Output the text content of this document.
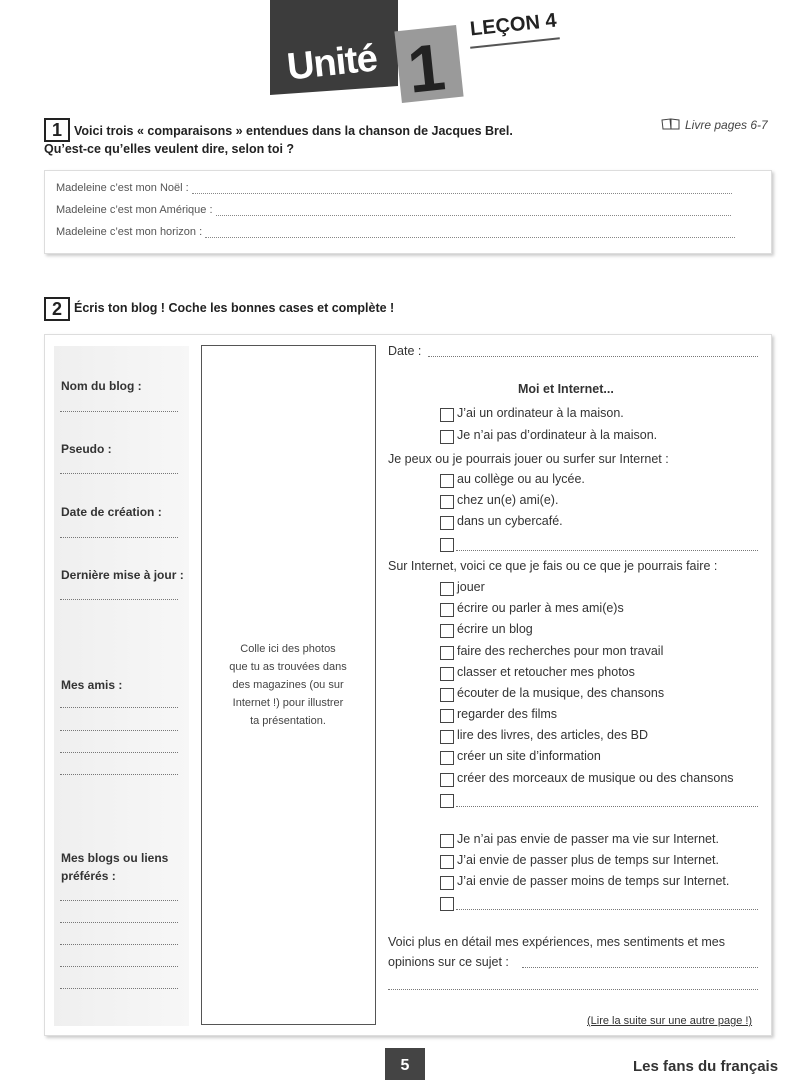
Unité 1
LEÇON 4
1 Voici trois « comparaisons » entendues dans la chanson de Jacques Brel.
Qu’est-ce qu’elles veulent dire, selon toi ?
Livre pages 6-7
Madeleine c’est mon Noël :
Madeleine c’est mon Amérique :
Madeleine c’est mon horizon :
2 Écris ton blog ! Coche les bonnes cases et complète !
Nom du blog :
Pseudo :
Date de création :
Dernière mise à jour :
Mes amis :
Mes blogs ou liens
préférés :
Colle ici des photos
que tu as trouvées dans
des magazines (ou sur
Internet !) pour illustrer
ta présentation.
Date :
Moi et Internet...
J’ai un ordinateur à la maison.
Je n’ai pas d’ordinateur à la maison.
Je peux ou je pourrais jouer ou surfer sur Internet :
au collège ou au lycée.
chez un(e) ami(e).
dans un cybercafé.
Sur Internet, voici ce que je fais ou ce que je pourrais faire :
jouer
écrire ou parler à mes ami(e)s
écrire un blog
faire des recherches pour mon travail
classer et retoucher mes photos
écouter de la musique, des chansons
regarder des films
lire des livres, des articles, des BD
créer un site d’information
créer des morceaux de musique ou des chansons
Je n’ai pas envie de passer ma vie sur Internet.
J’ai envie de passer plus de temps sur Internet.
J’ai envie de passer moins de temps sur Internet.
Voici plus en détail mes expériences, mes sentiments et mes
opinions sur ce sujet :
(Lire la suite sur une autre page !)
5	Les fans du français
